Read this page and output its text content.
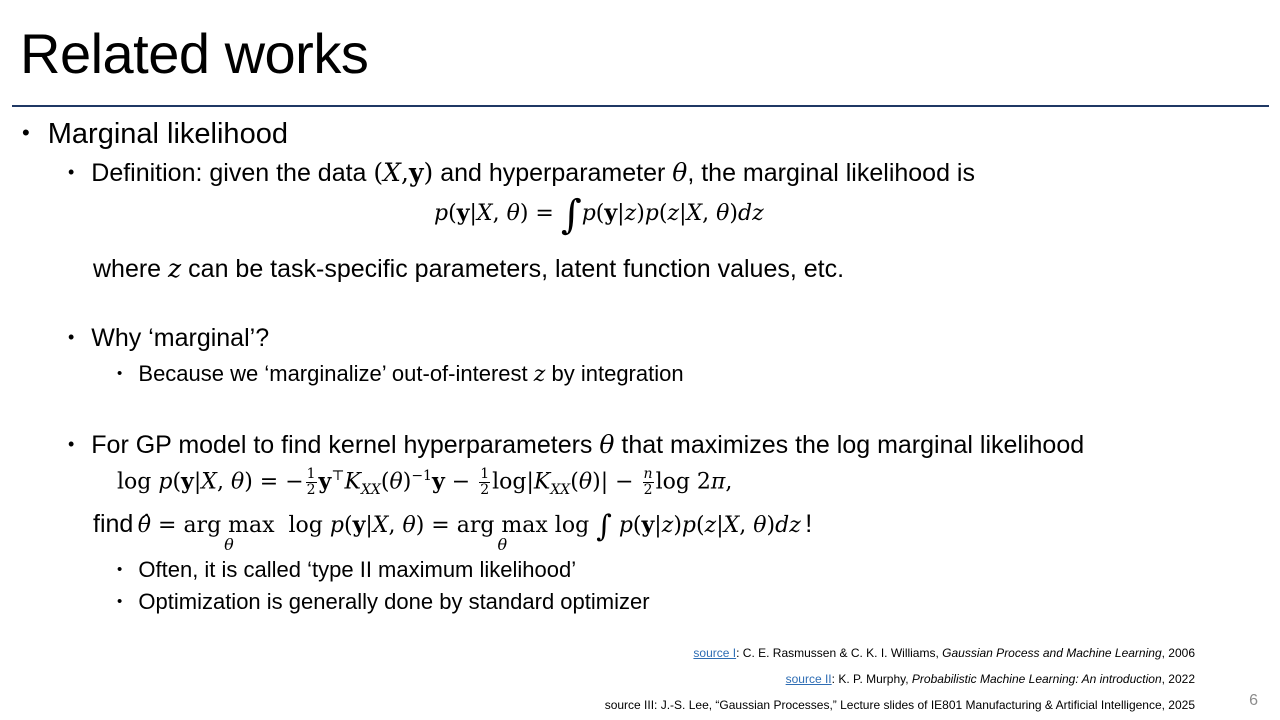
Related works
• Marginal likelihood
• Definition: given the data (X,y) and hyperparameter θ, the marginal likelihood is
p(y|X, θ) = ∫p(y|z)p(z|X, θ)dz
where z can be task-specific parameters, latent function values, etc.
• Why ‘marginal’?
• Because we ‘marginalize’ out-of-interest z by integration
• For GP model to find kernel hyperparameters θ that maximizes the log marginal likelihood
log p(y|X, θ) = − $\frac{1}{2} y^⊤K_{XX}(\theta)^{-1}y - \frac{1}{2} \log|K_{XX}(\theta)| - \frac{n}{2}$ log 2π,
find θ̂ = arg max
θ
log p(y|X, θ) = arg max
θ
log ∫ p(y|z)p(z|X, θ)dz !
• Often, it is called ‘type II maximum likelihood’
• Optimization is generally done by standard optimizer
source I: C. E. Rasmussen & C. K. I. Williams, Gaussian Process and Machine Learning, 2006
source II: K. P. Murphy, Probabilistic Machine Learning: An introduction, 2022
source III: J.-S. Lee, “Gaussian Processes,” Lecture slides of IE801 Manufacturing & Artificial Intelligence, 2025	6
